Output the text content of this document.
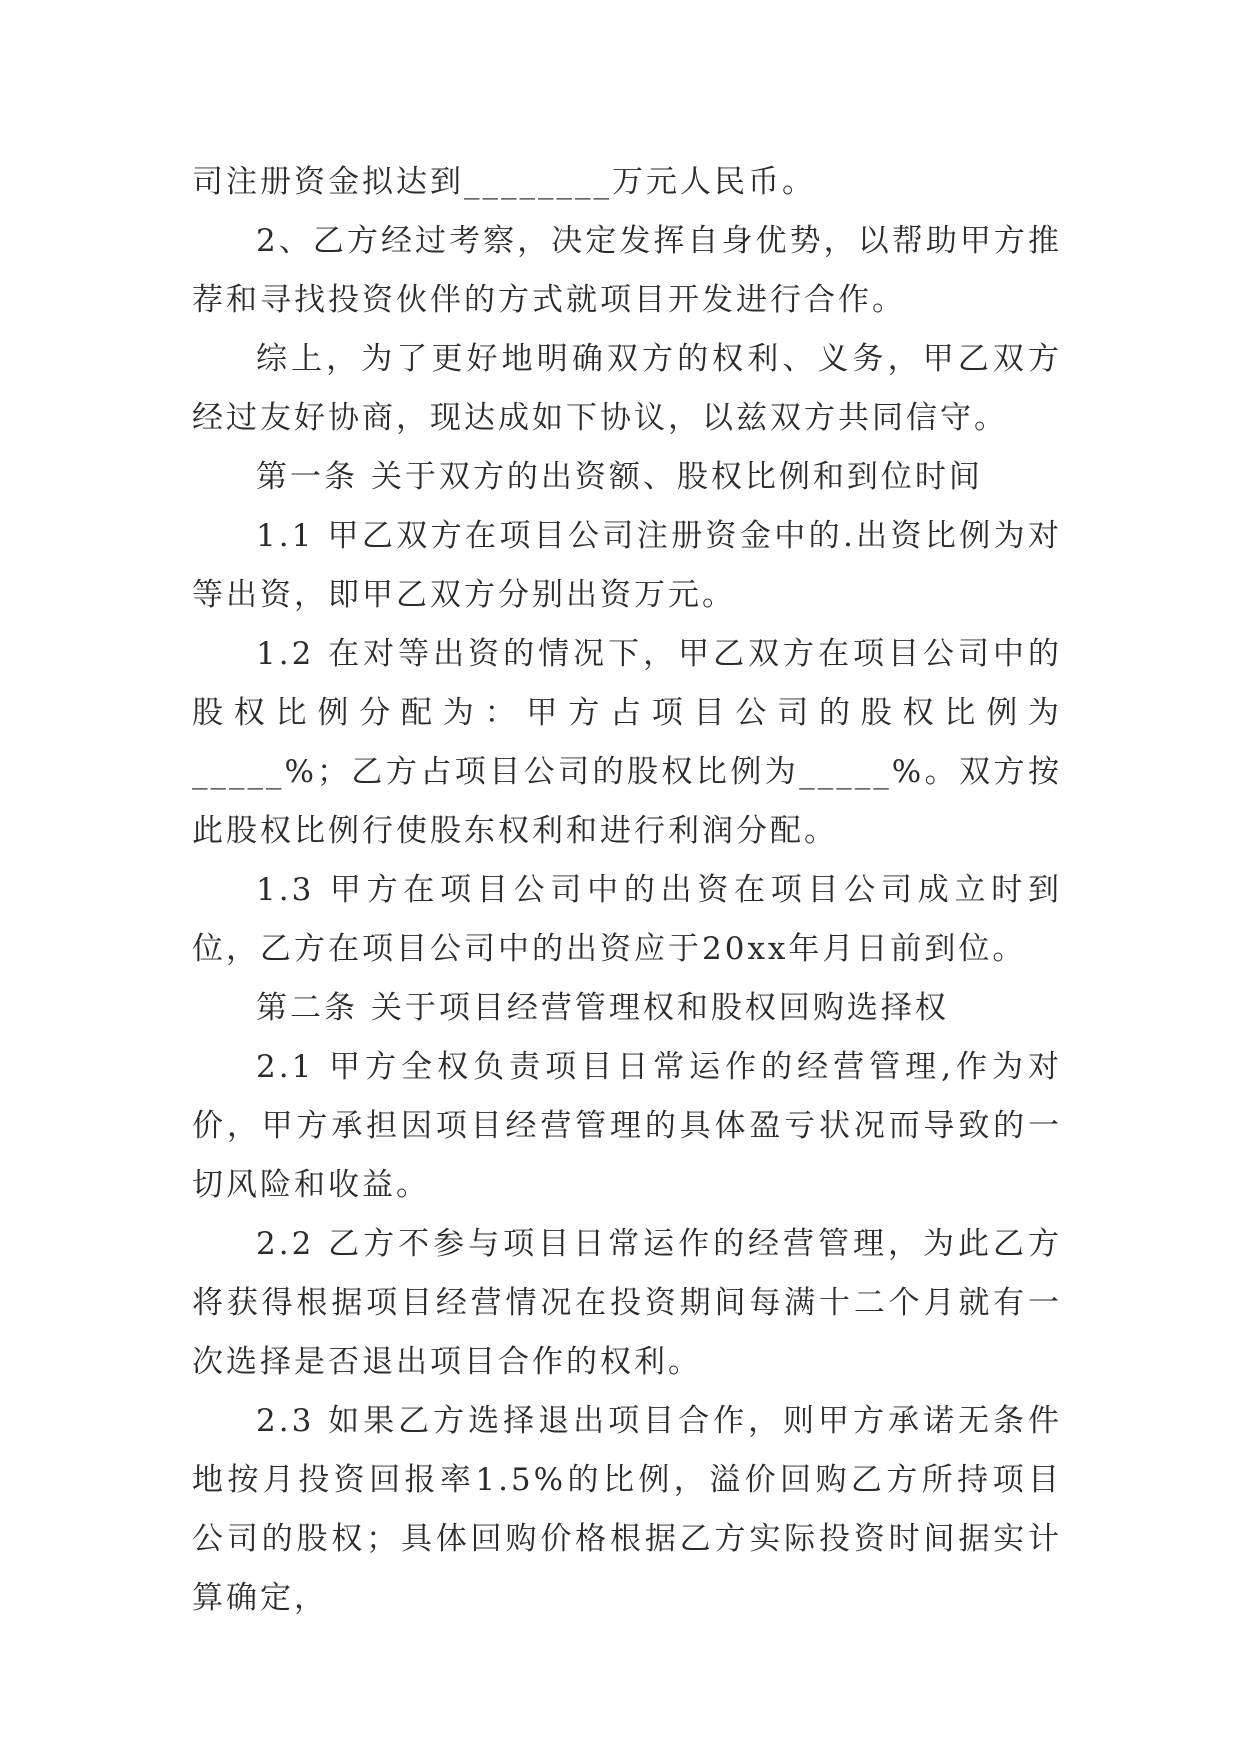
司注册资金拟达到________万元人民币。

2、乙方经过考察，决定发挥自身优势，以帮助甲方推荐和寻找投资伙伴的方式就项目开发进行合作。

综上，为了更好地明确双方的权利、义务，甲乙双方经过友好协商，现达成如下协议，以兹双方共同信守。

第一条 关于双方的出资额、股权比例和到位时间

1.1 甲乙双方在项目公司注册资金中的.出资比例为对等出资，即甲乙双方分别出资万元。

1.2 在对等出资的情况下，甲乙双方在项目公司中的股权比例分配为：甲方占项目公司的股权比例为_____%；乙方占项目公司的股权比例为_____%。双方按此股权比例行使股东权利和进行利润分配。

1.3 甲方在项目公司中的出资在项目公司成立时到位，乙方在项目公司中的出资应于20xx年月日前到位。

第二条 关于项目经营管理权和股权回购选择权

2.1 甲方全权负责项目日常运作的经营管理,作为对价，甲方承担因项目经营管理的具体盈亏状况而导致的一切风险和收益。

2.2 乙方不参与项目日常运作的经营管理，为此乙方将获得根据项目经营情况在投资期间每满十二个月就有一次选择是否退出项目合作的权利。

2.3 如果乙方选择退出项目合作，则甲方承诺无条件地按月投资回报率1.5%的比例，溢价回购乙方所持项目公司的股权；具体回购价格根据乙方实际投资时间据实计算确定，
